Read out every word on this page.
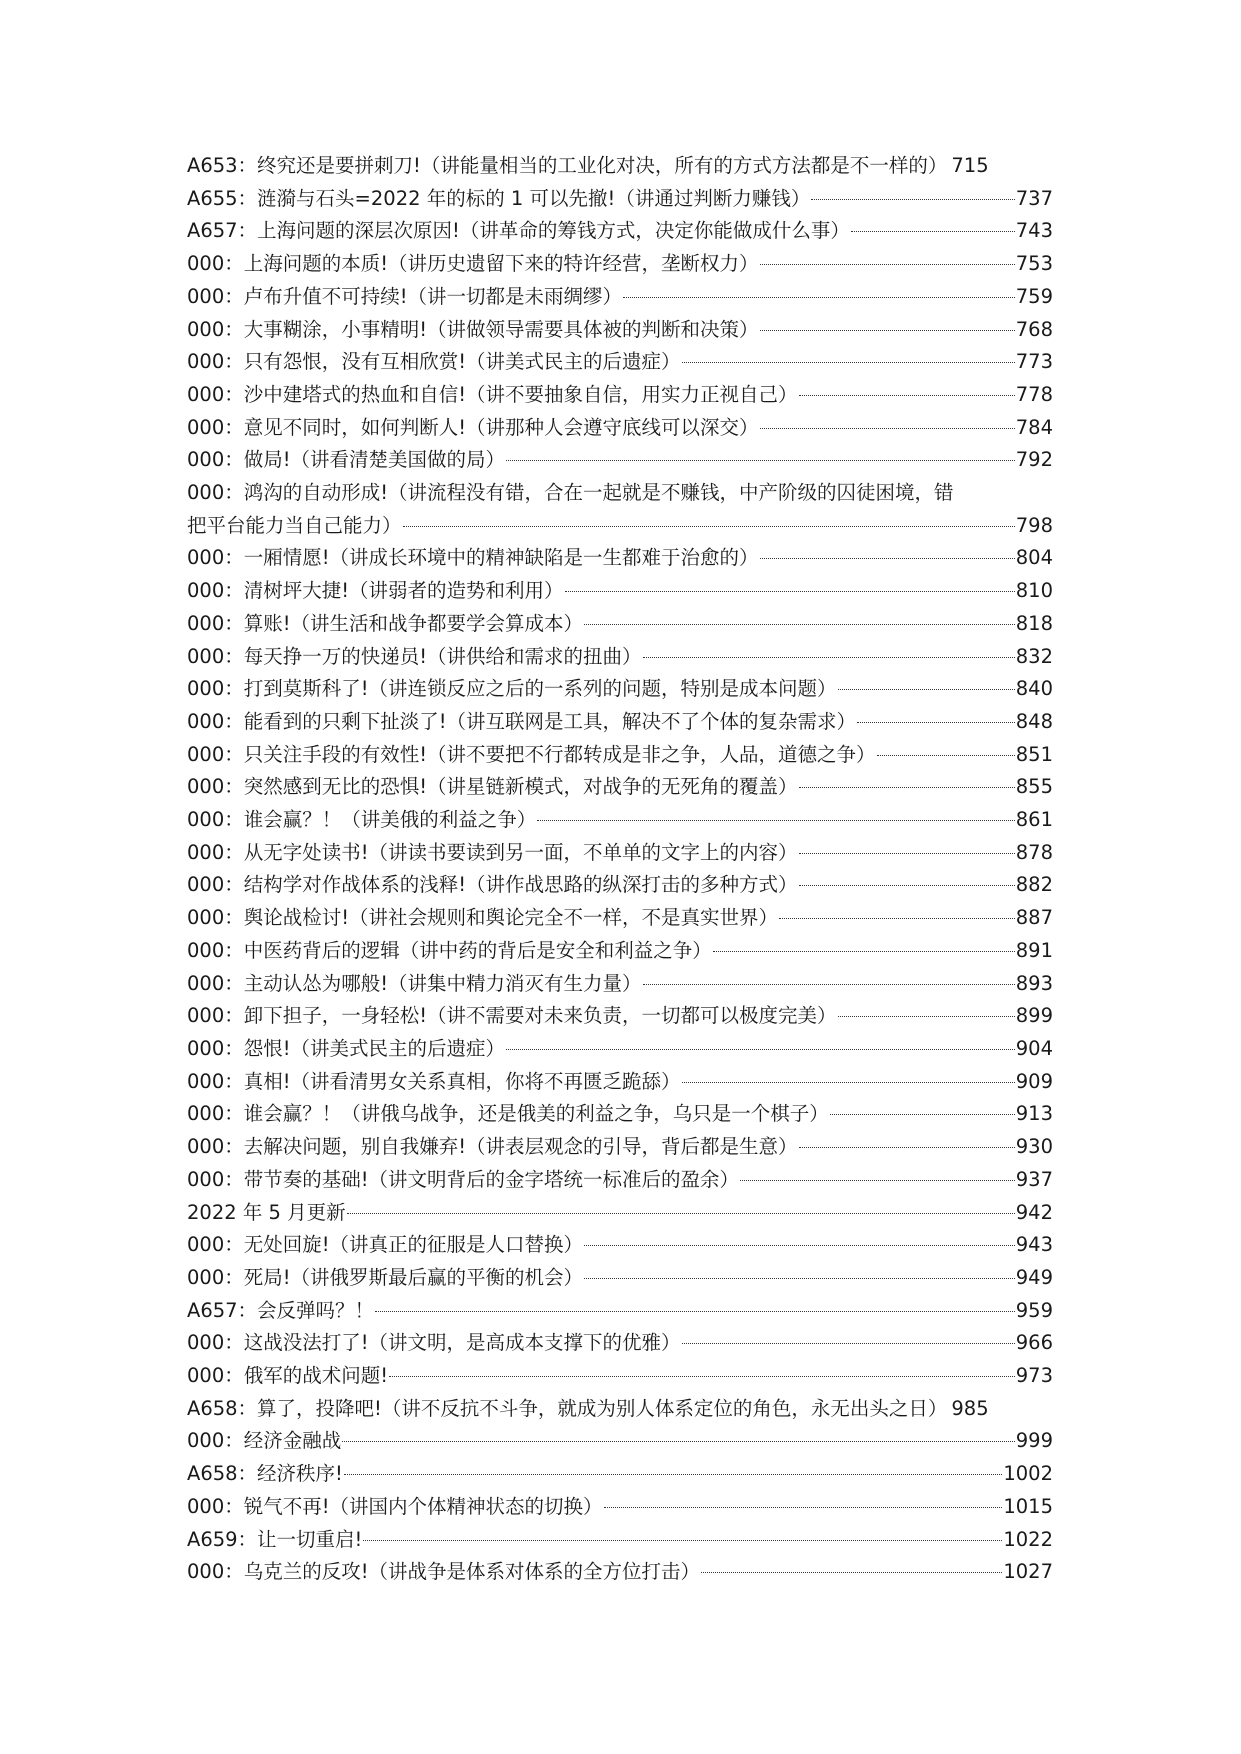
A653：终究还是要拼刺刀!（讲能量相当的工业化对决，所有的方式方法都是不一样的） 715
A655：涟漪与石头=2022 年的标的 1 可以先撤!（讲通过判断力赚钱）	737
A657：上海问题的深层次原因!（讲革命的筹钱方式，决定你能做成什么事）	743
000：上海问题的本质!（讲历史遗留下来的特许经营，垄断权力）	753
000：卢布升值不可持续!（讲一切都是未雨绸缪）	759
000：大事糊涂，小事精明!（讲做领导需要具体被的判断和决策）	768
000：只有怨恨，没有互相欣赏!（讲美式民主的后遗症）	773
000：沙中建塔式的热血和自信!（讲不要抽象自信，用实力正视自己）	778
000：意见不同时，如何判断人!（讲那种人会遵守底线可以深交）	784
000：做局!（讲看清楚美国做的局）	792
000：鸿沟的自动形成!（讲流程没有错，合在一起就是不赚钱，中产阶级的囚徒困境，错
把平台能力当自己能力）	798
000：一厢情愿!（讲成长环境中的精神缺陷是一生都难于治愈的）	804
000：清树坪大捷!（讲弱者的造势和利用）	810
000：算账!（讲生活和战争都要学会算成本）	818
000：每天挣一万的快递员!（讲供给和需求的扭曲）	832
000：打到莫斯科了!（讲连锁反应之后的一系列的问题，特别是成本问题）	840
000：能看到的只剩下扯淡了!（讲互联网是工具，解决不了个体的复杂需求）	848
000：只关注手段的有效性!（讲不要把不行都转成是非之争，人品，道德之争）	851
000：突然感到无比的恐惧!（讲星链新模式，对战争的无死角的覆盖）	855
000：谁会赢？！（讲美俄的利益之争）	861
000：从无字处读书!（讲读书要读到另一面，不单单的文字上的内容）	878
000：结构学对作战体系的浅释!（讲作战思路的纵深打击的多种方式）	882
000：舆论战检讨!（讲社会规则和舆论完全不一样，不是真实世界）	887
000：中医药背后的逻辑（讲中药的背后是安全和利益之争）	891
000：主动认怂为哪般!（讲集中精力消灭有生力量）	893
000：卸下担子，一身轻松!（讲不需要对未来负责，一切都可以极度完美）	899
000：怨恨!（讲美式民主的后遗症）	904
000：真相!（讲看清男女关系真相，你将不再匮乏跪舔）	909
000：谁会赢？！（讲俄乌战争，还是俄美的利益之争，乌只是一个棋子）	913
000：去解决问题，别自我嫌弃!（讲表层观念的引导，背后都是生意）	930
000：带节奏的基础!（讲文明背后的金字塔统一标准后的盈余）	937
2022 年 5 月更新	942
000：无处回旋!（讲真正的征服是人口替换）	943
000：死局!（讲俄罗斯最后赢的平衡的机会）	949
A657：会反弹吗？！	959
000：这战没法打了!（讲文明，是高成本支撑下的优雅）	966
000：俄军的战术问题!	973
A658：算了，投降吧!（讲不反抗不斗争，就成为别人体系定位的角色，永无出头之日） 985
000：经济金融战	999
A658：经济秩序!	1002
000：锐气不再!（讲国内个体精神状态的切换）	1015
A659：让一切重启!	1022
000：乌克兰的反攻!（讲战争是体系对体系的全方位打击）	1027
